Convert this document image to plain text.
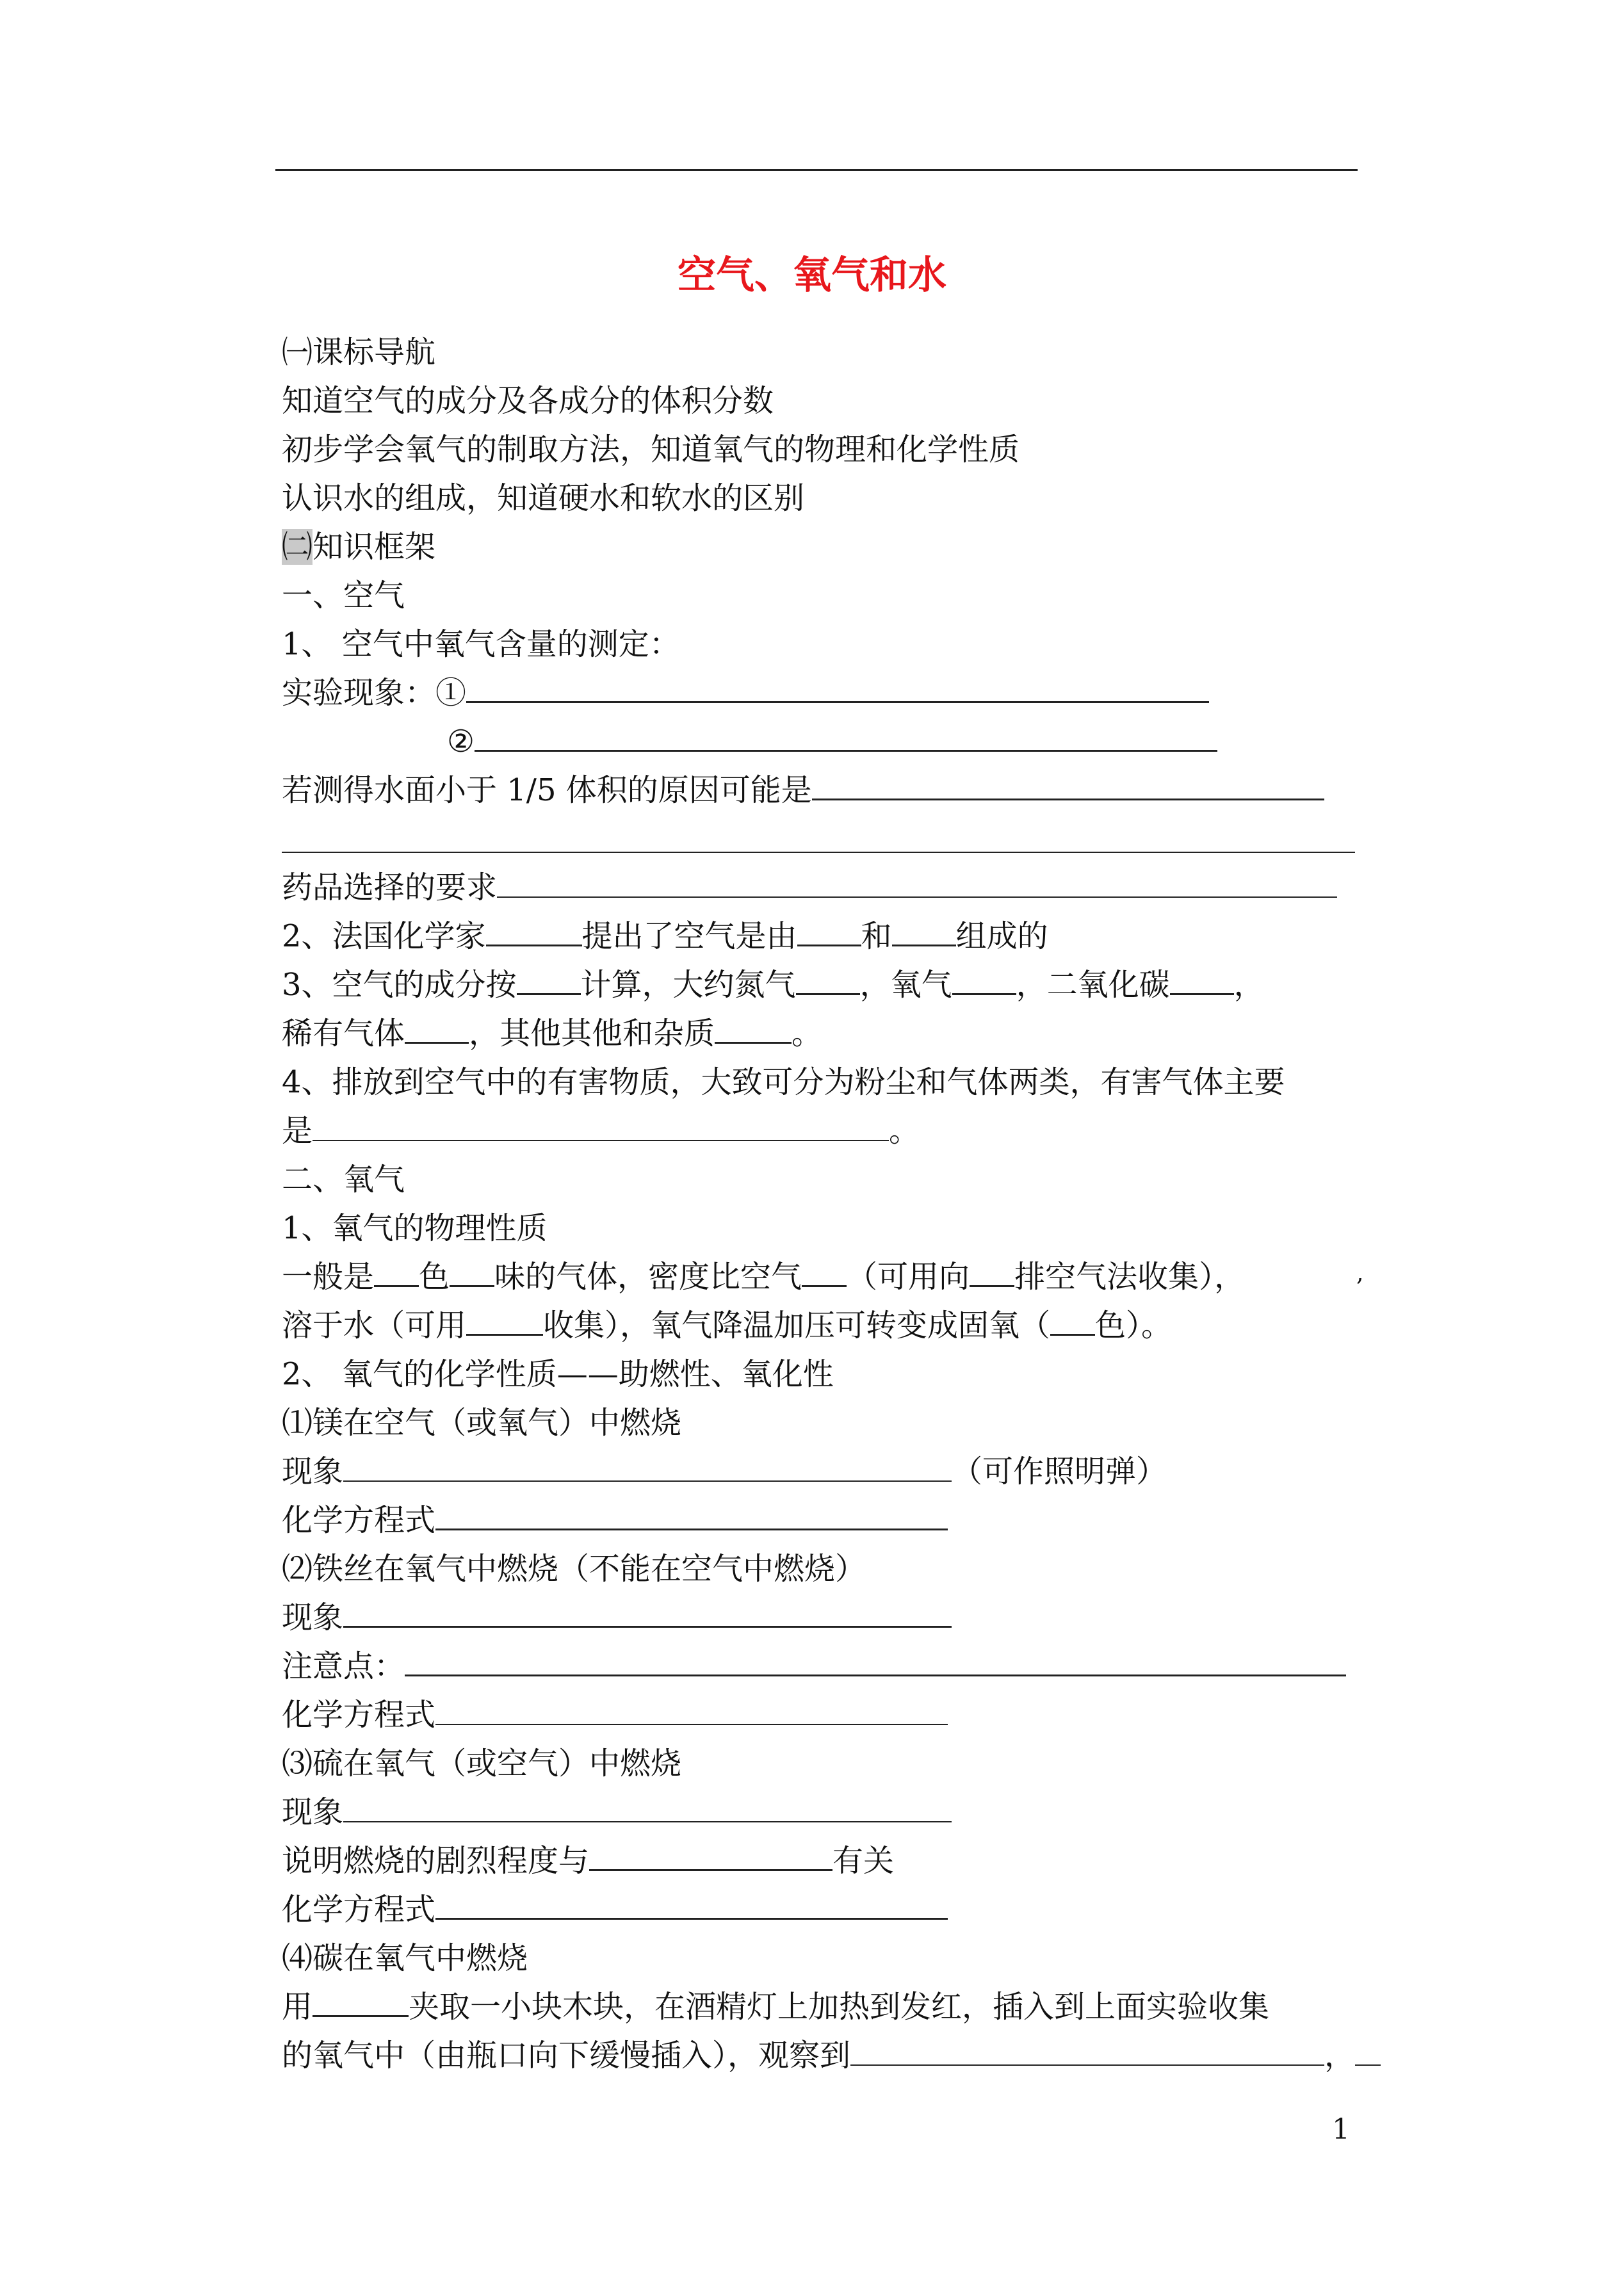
空气、氧气和水
㈠课标导航
知道空气的成分及各成分的体积分数
初步学会氧气的制取方法，知道氧气的物理和化学性质
认识水的组成，知道硬水和软水的区别
㈡知识框架
一、空气
1、 空气中氧气含量的测定：
实验现象：①
②
若测得水面小于 1/5 体积的原因可能是
药品选择的要求
2、法国化学家	提出了空气是由 和 组成的
3、空气的成分按 计算，大约氮气 ，氧气 ，二氧化碳 ，
稀有气体 ，其他其他和杂质	。
4、排放到空气中的有害物质，大致可分为粉尘和气体两类，有害气体主要
是	。
二、氧气
1、氧气的物理性质
一般是 色 味的气体，密度比空气 （可用向 排空气法收集），	,
溶于水（可用	收集），氧气降温加压可转变成固氧（ 色）。
2、 氧气的化学性质——助燃性、氧化性
⑴镁在空气（或氧气）中燃烧
现象	（可作照明弹）
化学方程式
⑵铁丝在氧气中燃烧（不能在空气中燃烧）
现象
注意点：
化学方程式
⑶硫在氧气（或空气）中燃烧
现象
说明燃烧的剧烈程度与	有关
化学方程式
⑷碳在氧气中燃烧
用	夹取一小块木块，在酒精灯上加热到发红，插入到上面实验收集
的氧气中（由瓶口向下缓慢插入），观察到	，
1
